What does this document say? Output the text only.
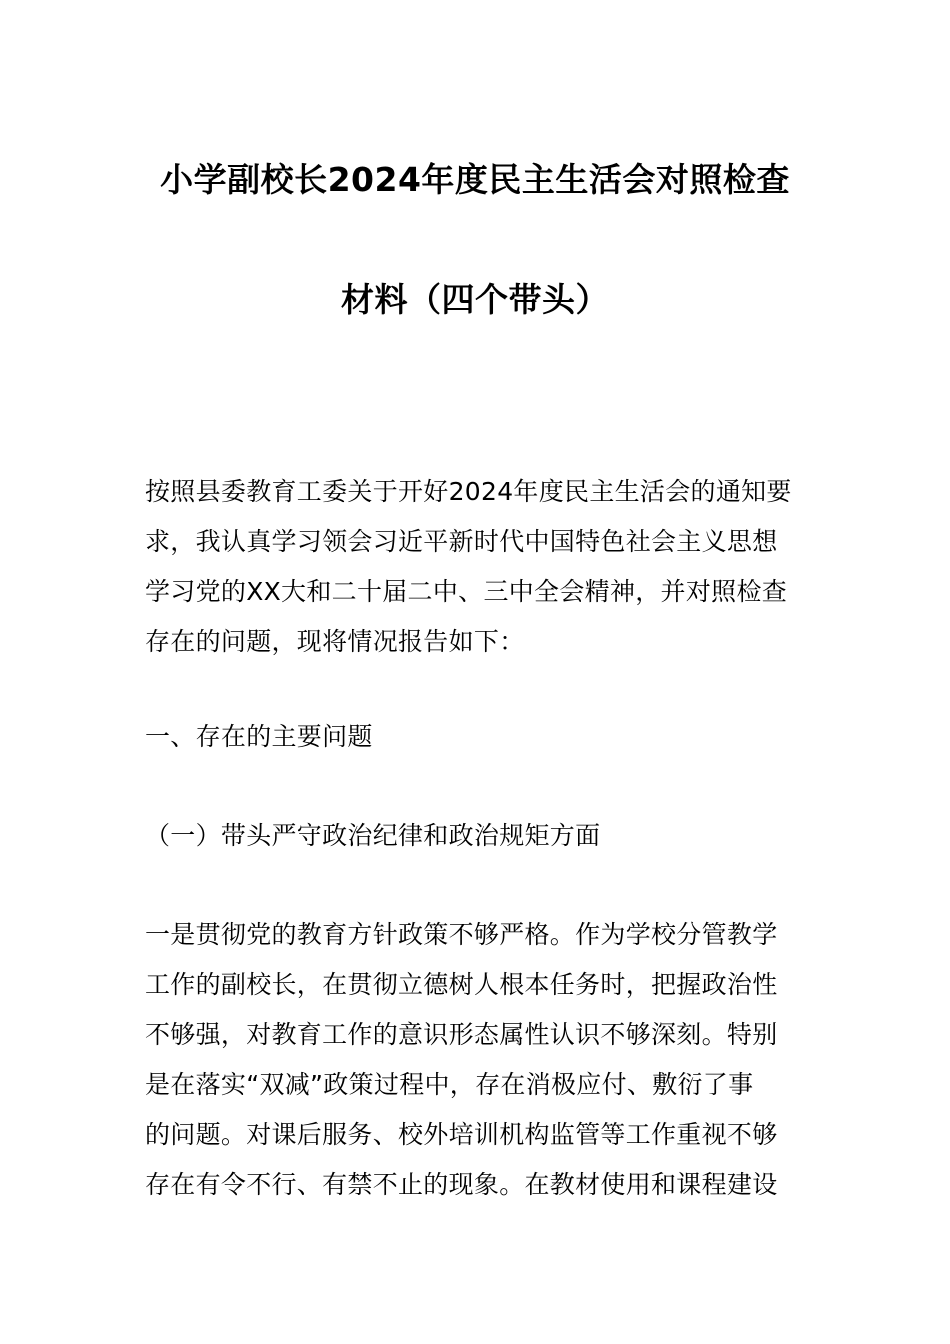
小学副校长2024年度民主生活会对照检查
材料（四个带头）
按照县委教育工委关于开好2024年度民主生活会的通知要
求，我认真学习领会习近平新时代中国特色社会主义思想
学习党的XX大和二十届二中、三中全会精神，并对照检查
存在的问题，现将情况报告如下：
一、存在的主要问题
（一）带头严守政治纪律和政治规矩方面
一是贯彻党的教育方针政策不够严格。作为学校分管教学
工作的副校长，在贯彻立德树人根本任务时，把握政治性
不够强，对教育工作的意识形态属性认识不够深刻。特别
是在落实“双减”政策过程中，存在消极应付、敷衍了事
的问题。对课后服务、校外培训机构监管等工作重视不够
存在有令不行、有禁不止的现象。在教材使用和课程建设
